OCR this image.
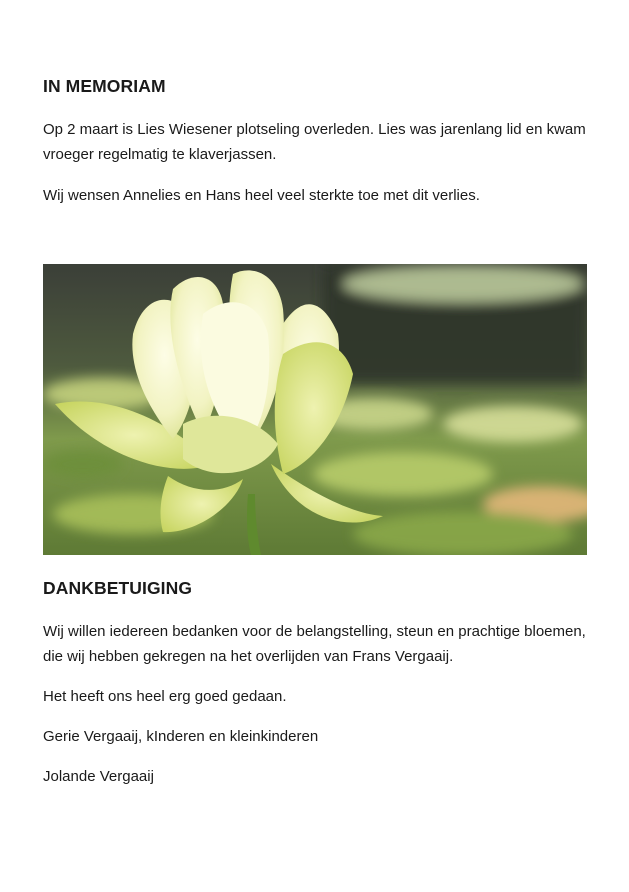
IN MEMORIAM

Op 2 maart is Lies Wiesener plotseling overleden. Lies was jarenlang lid en kwam vroeger regelmatig te klaverjassen.

Wij wensen Annelies en Hans heel veel sterkte toe met dit verlies.

DANKBETUIGING

Wij willen iedereen bedanken voor de belangstelling, steun en prachtige bloemen, die wij hebben gekregen na het overlijden van Frans Vergaaij.

Het heeft ons heel erg goed gedaan.

Gerie Vergaaij, kInderen en kleinkinderen

Jolande Vergaaij
